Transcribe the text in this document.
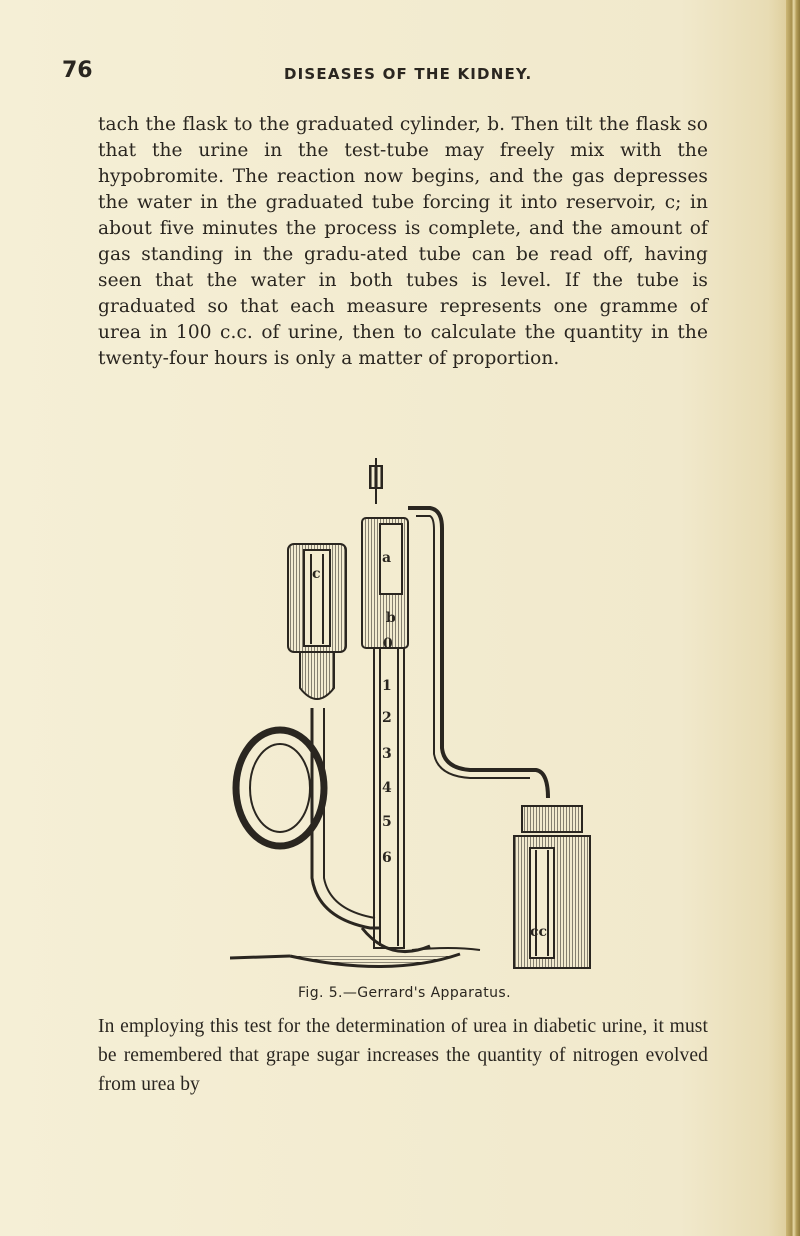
76	DISEASES OF THE KIDNEY.

tach the flask to the graduated cylinder, b. Then tilt the flask so that the urine in the test-tube may freely mix with the hypobromite. The reaction now begins, and the gas depresses the water in the graduated tube forcing it into reservoir, c; in about five minutes the process is complete, and the amount of gas standing in the gradu-ated tube can be read off, having seen that the water in both tubes is level. If the tube is graduated so that each measure represents one gramme of urea in 100 c.c. of urine, then to calculate the quantity in the twenty-four hours is only a matter of proportion.

c
a
b
1
2
3
4
5
6
0
cc
Fig. 5.—Gerrard's Apparatus.

In employing this test for the determination of urea in diabetic urine, it must be remembered that grape sugar increases the quantity of nitrogen evolved from urea by
